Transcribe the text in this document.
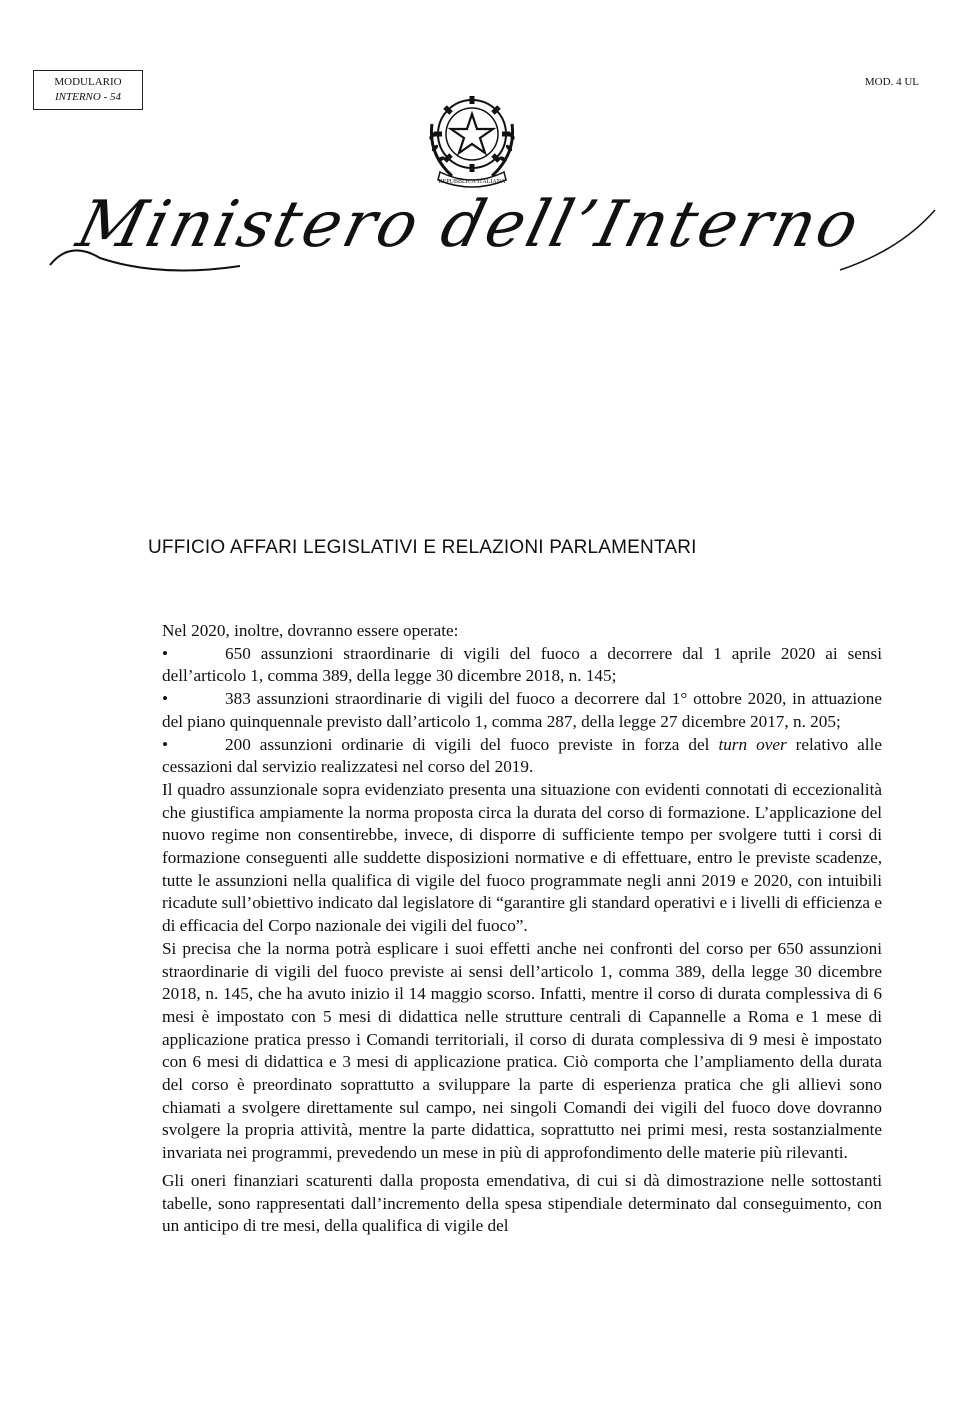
MODULARIO
INTERNO - 54
MOD. 4 UL
REPUBBLICA ITALIANA
Ministero dell’Interno
UFFICIO AFFARI LEGISLATIVI E RELAZIONI PARLAMENTARI

Nel 2020, inoltre, dovranno essere operate:

•	650 assunzioni straordinarie di vigili del fuoco a decorrere dal 1 aprile 2020 ai sensi dell’articolo 1, comma 389, della legge 30 dicembre 2018, n. 145;

•	383 assunzioni straordinarie di vigili del fuoco a decorrere dal 1° ottobre 2020, in attuazione del piano quinquennale previsto dall’articolo 1, comma 287, della legge 27 dicembre 2017, n. 205;

•	200 assunzioni ordinarie di vigili del fuoco previste in forza del turn over relativo alle cessazioni dal servizio realizzatesi nel corso del 2019.

Il quadro assunzionale sopra evidenziato presenta una situazione con evidenti connotati di eccezionalità che giustifica ampiamente la norma proposta circa la durata del corso di formazione. L’applicazione del nuovo regime non consentirebbe, invece, di disporre di sufficiente tempo per svolgere tutti i corsi di formazione conseguenti alle suddette disposizioni normative e di effettuare, entro le previste scadenze, tutte le assunzioni nella qualifica di vigile del fuoco programmate negli anni 2019 e 2020, con intuibili ricadute sull’obiettivo indicato dal legislatore di “garantire gli standard operativi e i livelli di efficienza e di efficacia del Corpo nazionale dei vigili del fuoco”.

Si precisa che la norma potrà esplicare i suoi effetti anche nei confronti del corso per 650 assunzioni straordinarie di vigili del fuoco previste ai sensi dell’articolo 1, comma 389, della legge 30 dicembre 2018, n. 145, che ha avuto inizio il 14 maggio scorso. Infatti, mentre il corso di durata complessiva di 6 mesi è impostato con 5 mesi di didattica nelle strutture centrali di Capannelle a Roma e 1 mese di applicazione pratica presso i Comandi territoriali, il corso di durata complessiva di 9 mesi è impostato con 6 mesi di didattica e 3 mesi di applicazione pratica. Ciò comporta che l’ampliamento della durata del corso è preordinato soprattutto a sviluppare la parte di esperienza pratica che gli allievi sono chiamati a svolgere direttamente sul campo, nei singoli Comandi dei vigili del fuoco dove dovranno svolgere la propria attività, mentre la parte didattica, soprattutto nei primi mesi, resta sostanzialmente invariata nei programmi, prevedendo un mese in più di approfondimento delle materie più rilevanti.

Gli oneri finanziari scaturenti dalla proposta emendativa, di cui si dà dimostrazione nelle sottostanti tabelle, sono rappresentati dall’incremento della spesa stipendiale determinato dal conseguimento, con un anticipo di tre mesi, della qualifica di vigile del
